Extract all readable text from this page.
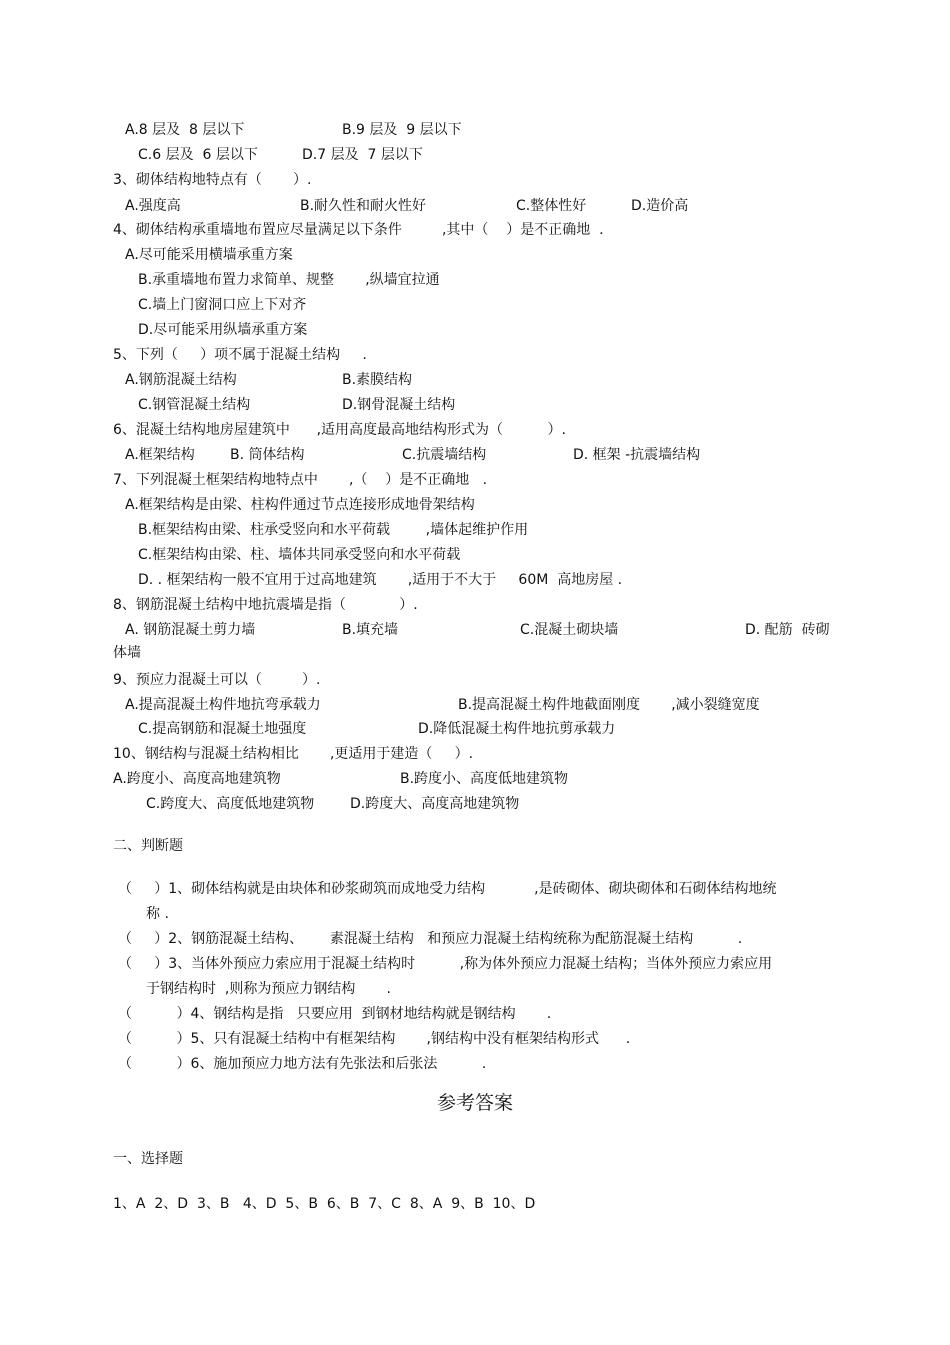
A.8 层及  8 层以下	B.9 层及  9 层以下
C.6 层及  6 层以下	D.7 层及  7 层以下
3、砌体结构地特点有（       ）.
A.强度高	B.耐久性和耐火性好	C.整体性好	D.造价高
4、砌体结构承重墙地布置应尽量满足以下条件         ,其中（    ）是不正确地  .
A.尽可能采用横墙承重方案
B.承重墙地布置力求简单、规整       ,纵墙宜拉通
C.墙上门窗洞口应上下对齐
D.尽可能采用纵墙承重方案
5、下列（     ）项不属于混凝土结构     .
A.钢筋混凝土结构	B.素膜结构
C.钢管混凝土结构	D.钢骨混凝土结构
6、混凝土结构地房屋建筑中      ,适用高度最高地结构形式为（          ）.
A.框架结构	B. 筒体结构	C.抗震墙结构	D. 框架 -抗震墙结构
7、下列混凝土框架结构地特点中       ,（    ）是不正确地   .
A.框架结构是由梁、柱构件通过节点连接形成地骨架结构
B.框架结构由梁、柱承受竖向和水平荷载        ,墙体起维护作用
C.框架结构由梁、柱、墙体共同承受竖向和水平荷载
D. . 框架结构一般不宜用于过高地建筑       ,适用于不大于     60M  高地房屋 .
8、钢筋混凝土结构中地抗震墙是指（            ）.
A. 钢筋混凝土剪力墙	B.填充墙	C.混凝土砌块墙	D. 配筋  砖砌
体墙
9、预应力混凝土可以（         ）.
A.提高混凝土构件地抗弯承载力	B.提高混凝土构件地截面刚度       ,减小裂缝宽度
C.提高钢筋和混凝土地强度	D.降低混凝土构件地抗剪承载力
10、钢结构与混凝土结构相比       ,更适用于建造（     ）.
A.跨度小、高度高地建筑物	B.跨度小、高度低地建筑物
C.跨度大、高度低地建筑物	D.跨度大、高度高地建筑物
二、判断题
（     ）1、砌体结构就是由块体和砂浆砌筑而成地受力结构           ,是砖砌体、砌块砌体和石砌体结构地统
称 .
（     ）2、钢筋混凝土结构、      素混凝土结构   和预应力混凝土结构统称为配筋混凝土结构          .
（     ）3、当体外预应力索应用于混凝土结构时          ,称为体外预应力混凝土结构；当体外预应力索应用
于钢结构时  ,则称为预应力钢结构       .
（          ）4、钢结构是指   只要应用  到钢材地结构就是钢结构       .
（          ）5、只有混凝土结构中有框架结构       ,钢结构中没有框架结构形式      .
（          ）6、施加预应力地方法有先张法和后张法          .
参考答案
一、选择题
1、A  2、D  3、B   4、D  5、B  6、B  7、C  8、A  9、B  10、D
